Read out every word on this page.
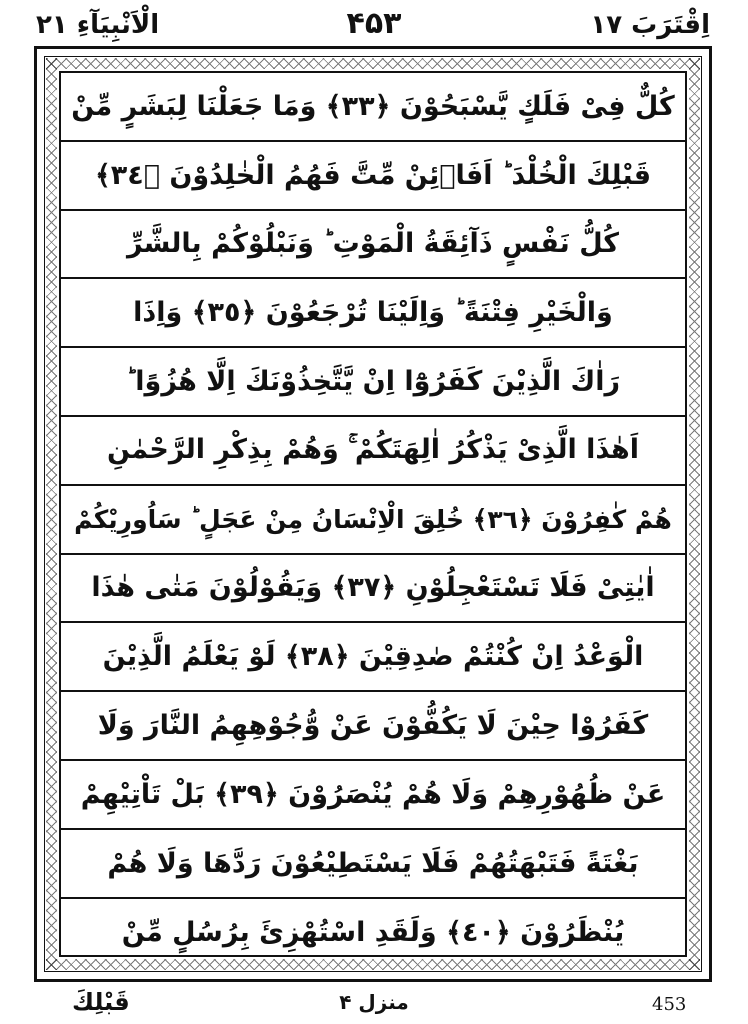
الْاَنْبِيَآءِ ٢١	۴۵۳	اِقْتَرَبَ ١٧
كُلٌّ فِىْ فَلَكٍ يَّسْبَحُوْنَ ﴿٣٣﴾ وَمَا جَعَلْنَا لِبَشَرٍ مِّنْ
قَبْلِكَ الْخُلْدَ ؕ اَفَاۡئِنْ مِّتَّ فَهُمُ الْخٰلِدُوْنَ ﴿٣٤﴾
كُلُّ نَفْسٍ ذَآئِقَةُ الْمَوْتِ ؕ وَنَبْلُوْكُمْ بِالشَّرِّ
وَالْخَيْرِ فِتْنَةً ؕ وَاِلَيْنَا تُرْجَعُوْنَ ﴿٣٥﴾ وَاِذَا
رَاٰكَ الَّذِيْنَ كَفَرُوْٓا اِنْ يَّتَّخِذُوْنَكَ اِلَّا هُزُوًا ؕ
اَهٰذَا الَّذِىْ يَذْكُرُ اٰلِهَتَكُمْ ۚ وَهُمْ بِذِكْرِ الرَّحْمٰنِ
هُمْ كٰفِرُوْنَ ﴿٣٦﴾ خُلِقَ الْاِنْسَانُ مِنْ عَجَلٍ ؕ سَاُورِيْكُمْ
اٰيٰتِىْ فَلَا تَسْتَعْجِلُوْنِ ﴿٣٧﴾ وَيَقُوْلُوْنَ مَتٰى هٰذَا
الْوَعْدُ اِنْ كُنْتُمْ صٰدِقِيْنَ ﴿٣٨﴾ لَوْ يَعْلَمُ الَّذِيْنَ
كَفَرُوْا حِيْنَ لَا يَكُفُّوْنَ عَنْ وُّجُوْهِهِمُ النَّارَ وَلَا
عَنْ ظُهُوْرِهِمْ وَلَا هُمْ يُنْصَرُوْنَ ﴿٣٩﴾ بَلْ تَاْتِيْهِمْ
بَغْتَةً فَتَبْهَتُهُمْ فَلَا يَسْتَطِيْعُوْنَ رَدَّهَا وَلَا هُمْ
يُنْظَرُوْنَ ﴿٤٠﴾ وَلَقَدِ اسْتُهْزِئَ بِرُسُلٍ مِّنْ
قَبْلِكَ	منزل ۴	453
